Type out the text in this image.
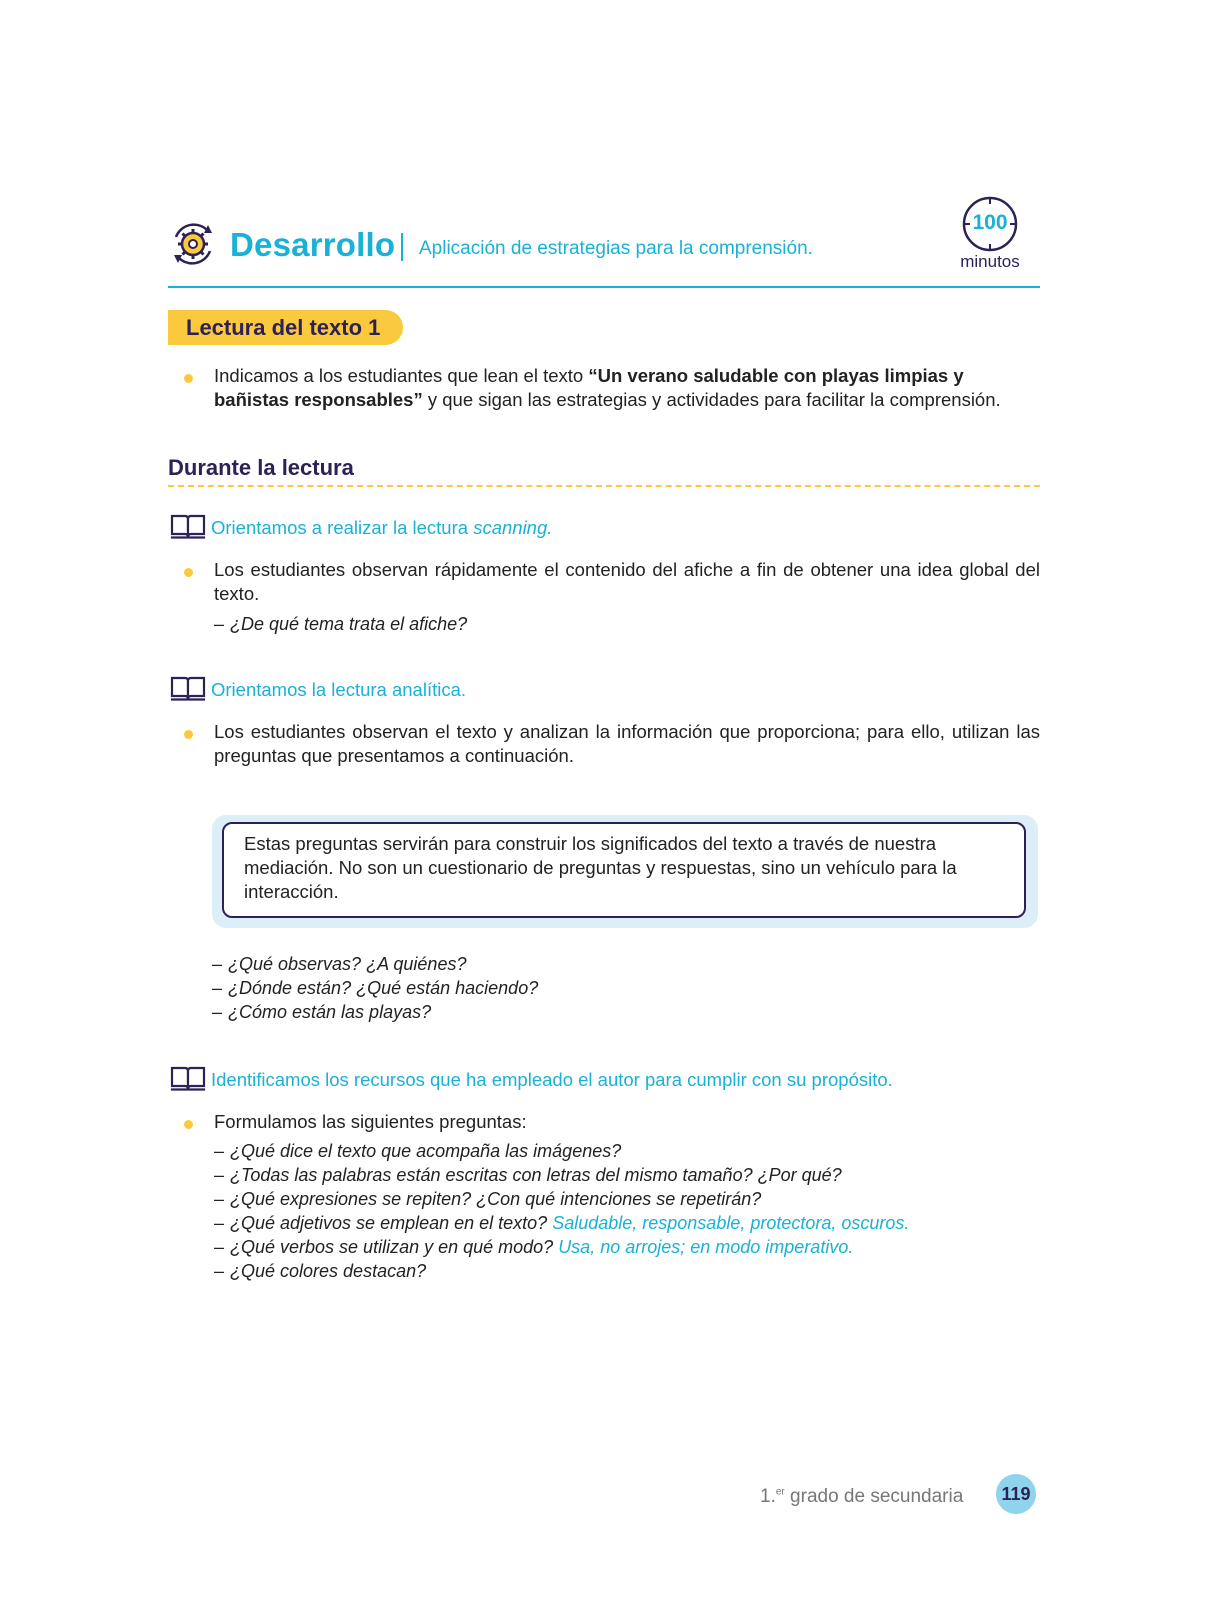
Desarrollo Aplicación de estrategias para la comprensión.
100
minutos
Lectura del texto 1
Indicamos a los estudiantes que lean el texto “Un verano saludable con playas limpias y bañistas responsables” y que sigan las estrategias y actividades para facilitar la comprensión.
Durante la lectura
Orientamos a realizar la lectura scanning.
Los estudiantes observan rápidamente el contenido del afiche a fin de obtener una idea global del texto.
– ¿De qué tema trata el afiche?
Orientamos la lectura analítica.
Los estudiantes observan el texto y analizan la información que proporciona; para ello, utilizan las preguntas que presentamos a continuación.
Estas preguntas servirán para construir los significados del texto a través de nuestra mediación. No son un cuestionario de preguntas y respuestas, sino un vehículo para la interacción.
– ¿Qué observas? ¿A quiénes?
– ¿Dónde están? ¿Qué están haciendo?
– ¿Cómo están las playas?
Identificamos los recursos que ha empleado el autor para cumplir con su propósito.
Formulamos las siguientes preguntas:
– ¿Qué dice el texto que acompaña las imágenes?
– ¿Todas las palabras están escritas con letras del mismo tamaño? ¿Por qué?
– ¿Qué expresiones se repiten? ¿Con qué intenciones se repetirán?
– ¿Qué adjetivos se emplean en el texto? Saludable, responsable, protectora, oscuros.
– ¿Qué verbos se utilizan y en qué modo? Usa, no arrojes; en modo imperativo.
– ¿Qué colores destacan?
1.$^{er}$ grado de secundaria	119
